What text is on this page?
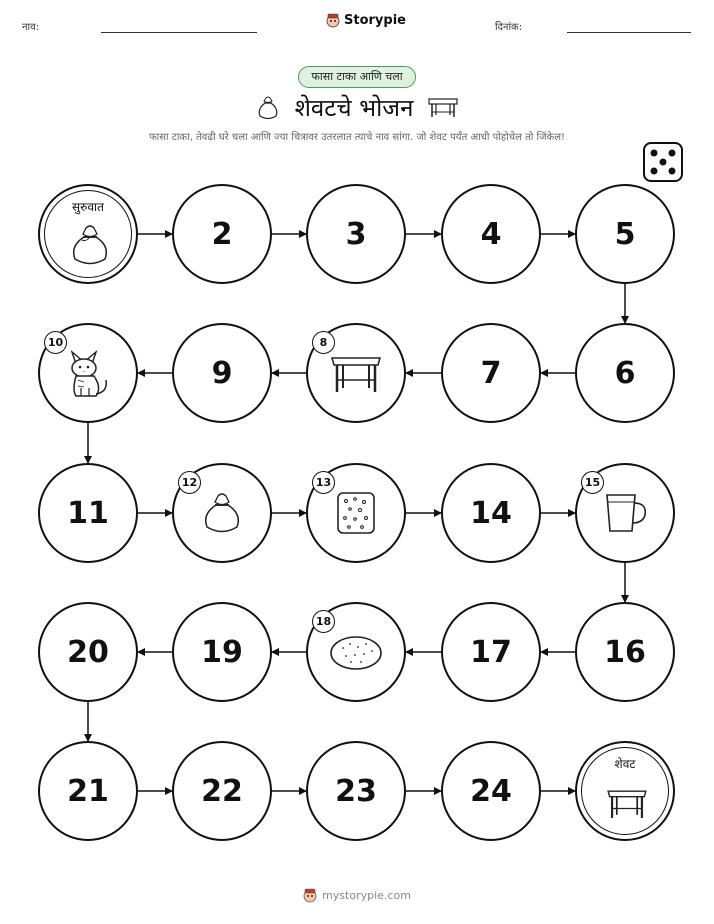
नाव:	Storypie	दिनांक:
फासा टाका आणि चला
शेवटचे भोजन
फासा टाका, तेवढी घरे चला आणि ज्या चित्रावर उतरलात त्याचे नाव सांगा. जो शेवट पर्यंत आधी पोहोचेल तो जिंकेल!
सुरुवात
2	3	4	5
10
9
8
7	6
11
12	13
14
15
20	19
18
17	16
21	22	23	24
शेवट
mystorypie.com
